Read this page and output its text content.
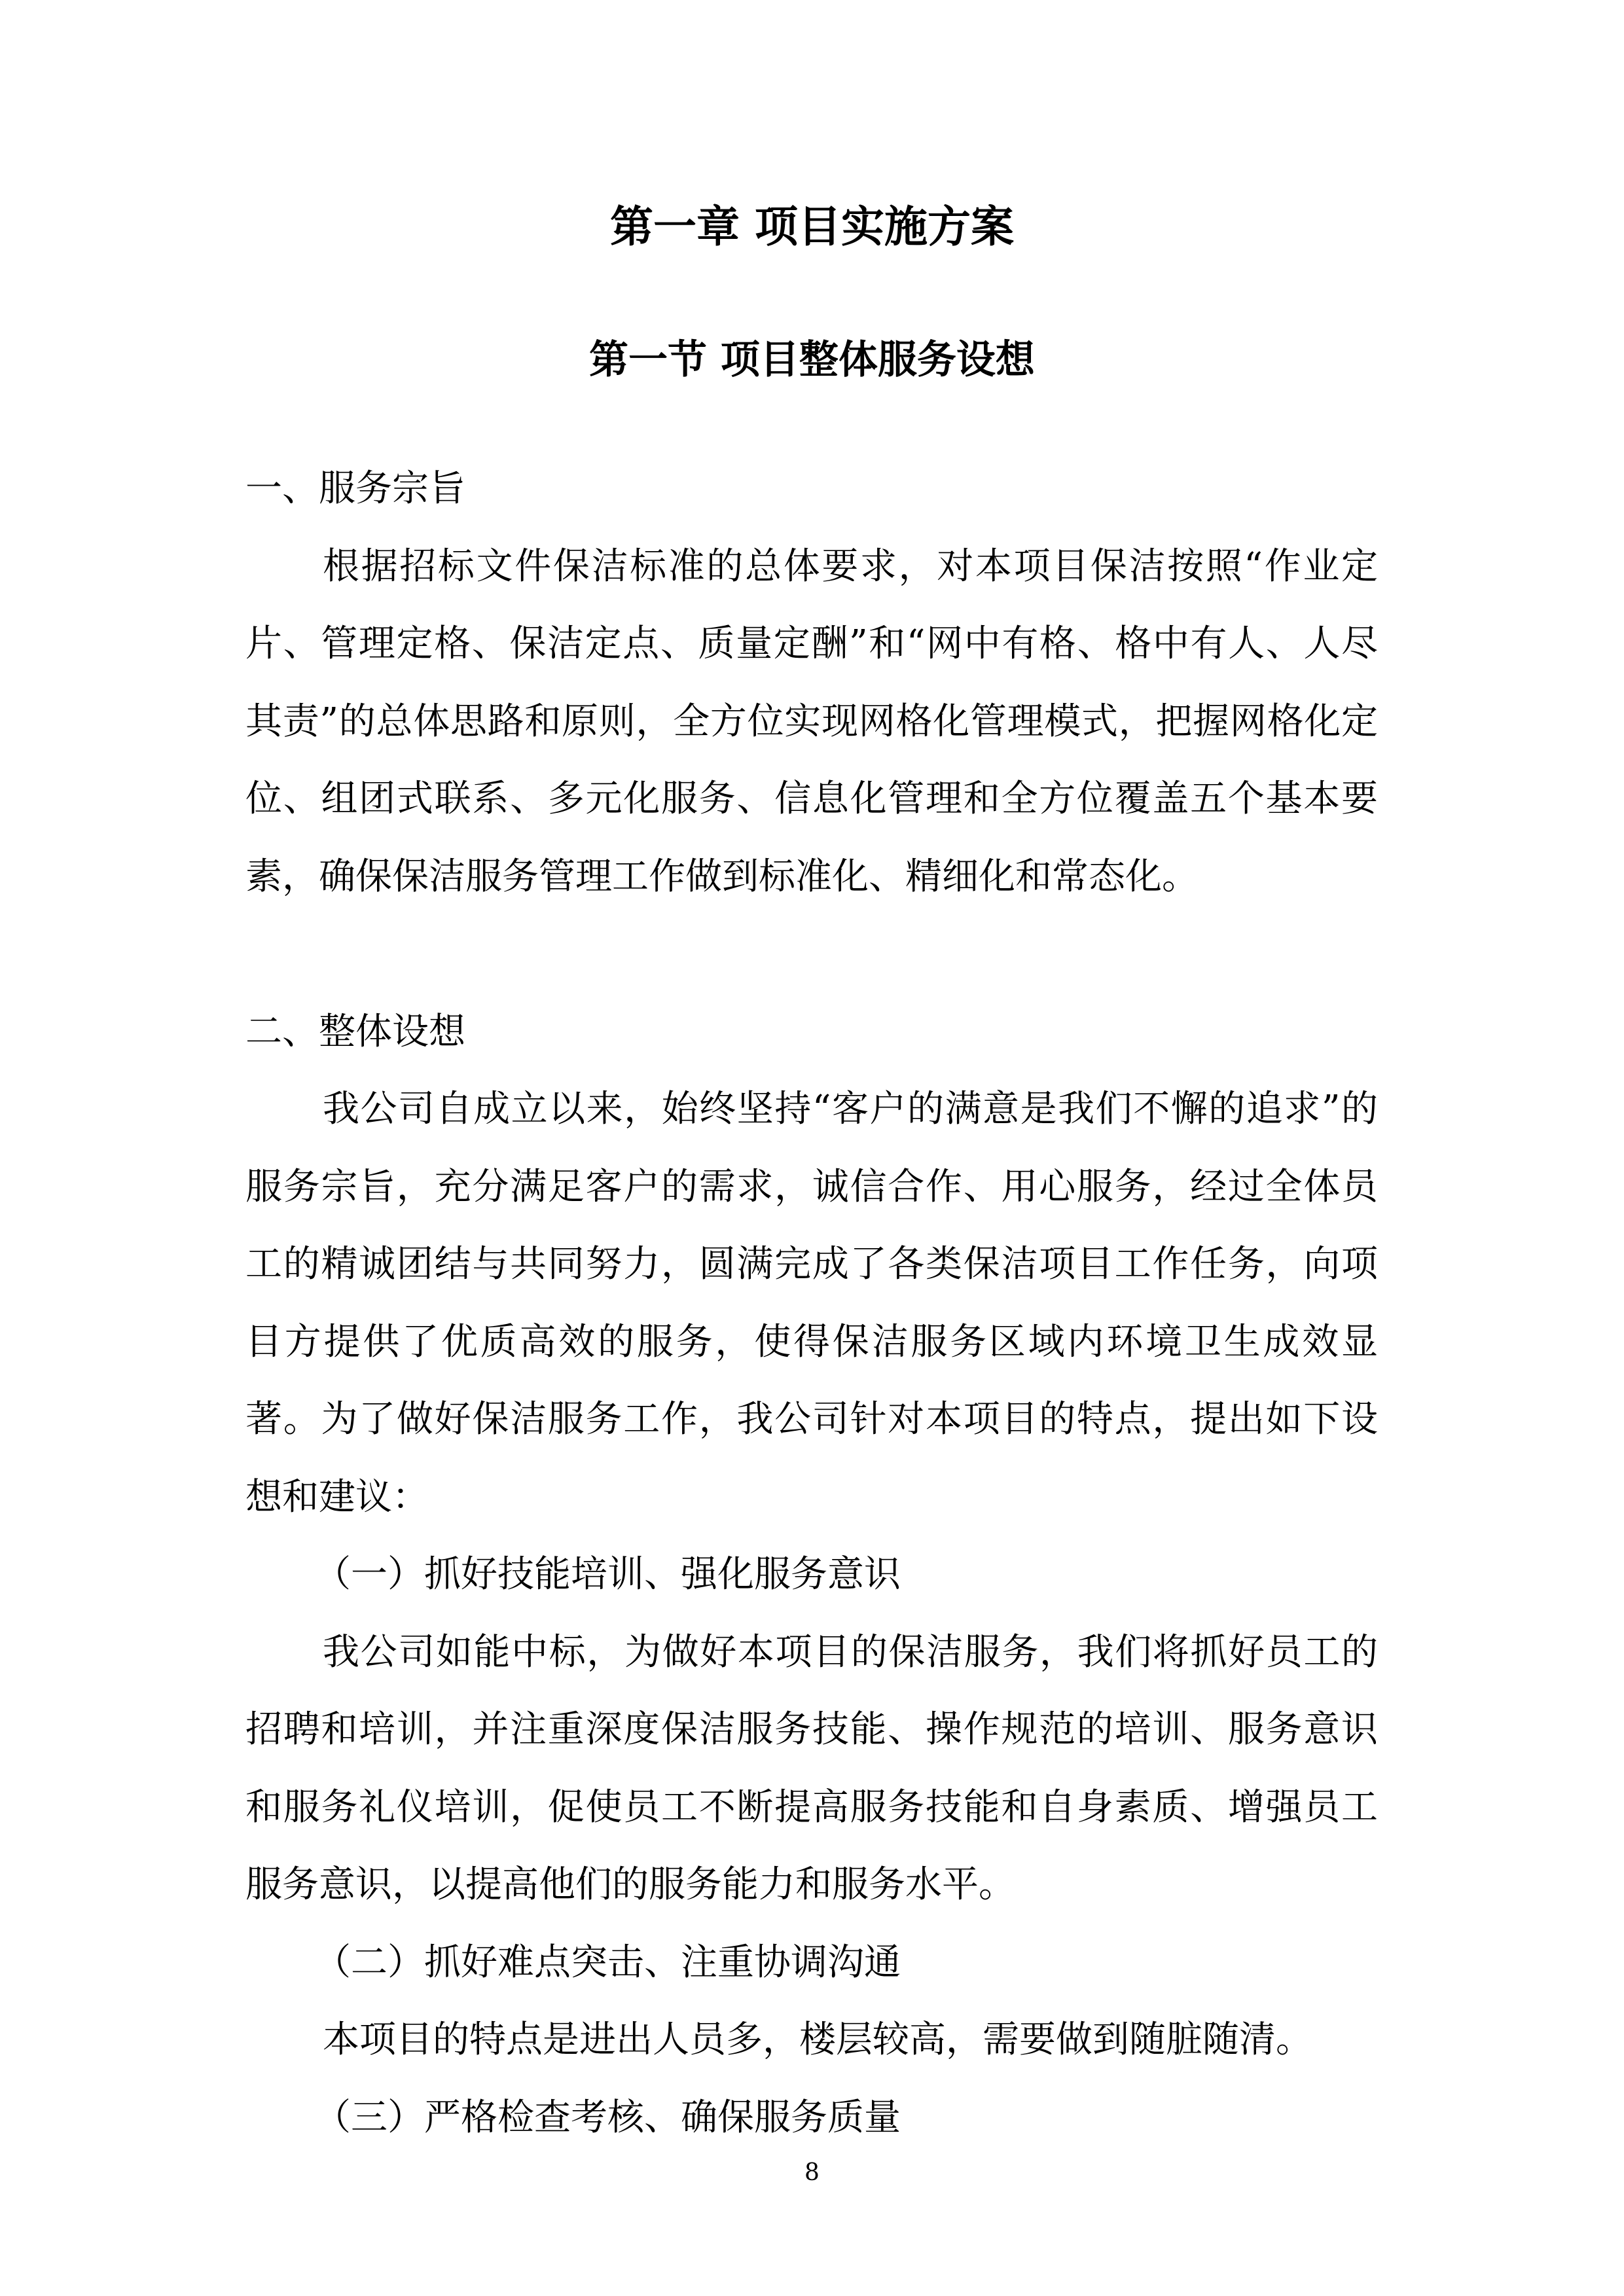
第一章 项目实施方案
第一节 项目整体服务设想

一、服务宗旨

根据招标文件保洁标准的总体要求，对本项目保洁按照“作业定片、管理定格、保洁定点、质量定酬”和“网中有格、格中有人、人尽其责”的总体思路和原则，全方位实现网格化管理模式，把握网格化定位、组团式联系、多元化服务、信息化管理和全方位覆盖五个基本要素，确保保洁服务管理工作做到标准化、精细化和常态化。

二、整体设想

我公司自成立以来，始终坚持“客户的满意是我们不懈的追求”的服务宗旨，充分满足客户的需求，诚信合作、用心服务，经过全体员工的精诚团结与共同努力，圆满完成了各类保洁项目工作任务，向项目方提供了优质高效的服务，使得保洁服务区域内环境卫生成效显著。为了做好保洁服务工作，我公司针对本项目的特点，提出如下设想和建议：

（一）抓好技能培训、强化服务意识

我公司如能中标，为做好本项目的保洁服务，我们将抓好员工的招聘和培训，并注重深度保洁服务技能、操作规范的培训、服务意识和服务礼仪培训，促使员工不断提高服务技能和自身素质、增强员工服务意识，以提高他们的服务能力和服务水平。

（二）抓好难点突击、注重协调沟通

本项目的特点是进出人员多，楼层较高，需要做到随脏随清。

（三）严格检查考核、确保服务质量

8
